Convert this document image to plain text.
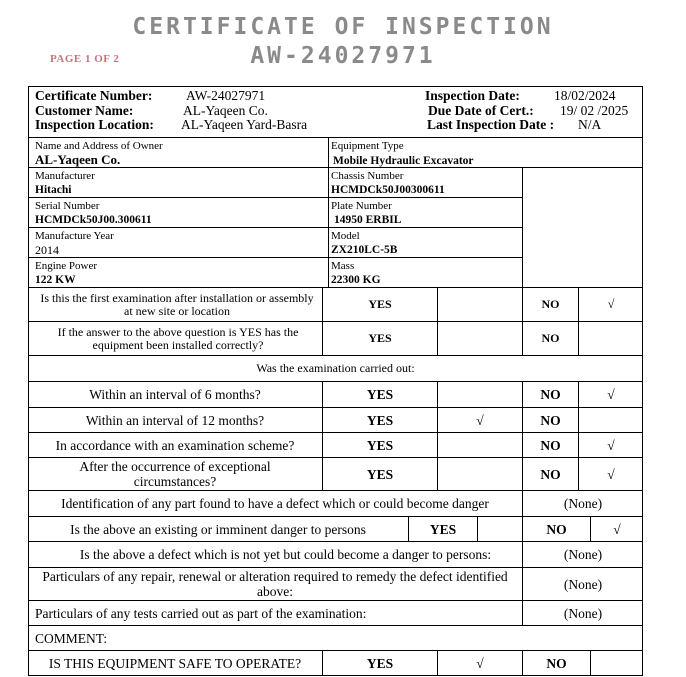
CERTIFICATE OF INSPECTION
AW-24027971
PAGE 1 OF 2
Certificate Number: AW-24027971
Customer Name:	AL-Yaqeen Co.
Inspection Location: AL-Yaqeen Yard-Basra
Inspection Date:	18/02/2024
Due Date of Cert.: 19/ 02 /2025
Last Inspection Date : N/A
Name and Address of Owner
AL-Yaqeen Co.
Equipment Type
Mobile Hydraulic Excavator
Manufacturer
Hitachi
Chassis Number
HCMDCk50J00300611
Serial Number
HCMDCk50J00.300611
Plate Number
14950 ERBIL
Manufacture Year
2014
Model
ZX210LC-5B
Engine Power
122 KW
Mass
22300 KG
Is this the first examination after installation or assembly at new site or location	YES	NO	√
If the answer to the above question is YES has the equipment been installed correctly?	YES	NO
Was the examination carried out:
Within an interval of 6 months?	YES	NO	√
Within an interval of 12 months?	YES	√	NO
In accordance with an examination scheme?	YES	NO	√
After the occurrence of exceptional circumstances?	YES	NO	√
Identification of any part found to have a defect which or could become danger	(None)
Is the above an existing or imminent danger to persons	YES	NO	√
Is the above a defect which is not yet but could become a danger to persons:	(None)
Particulars of any repair, renewal or alteration required to remedy the defect identified above:	(None)
Particulars of any tests carried out as part of the examination:	(None)
COMMENT:
IS THIS EQUIPMENT SAFE TO OPERATE?	YES	√	NO
